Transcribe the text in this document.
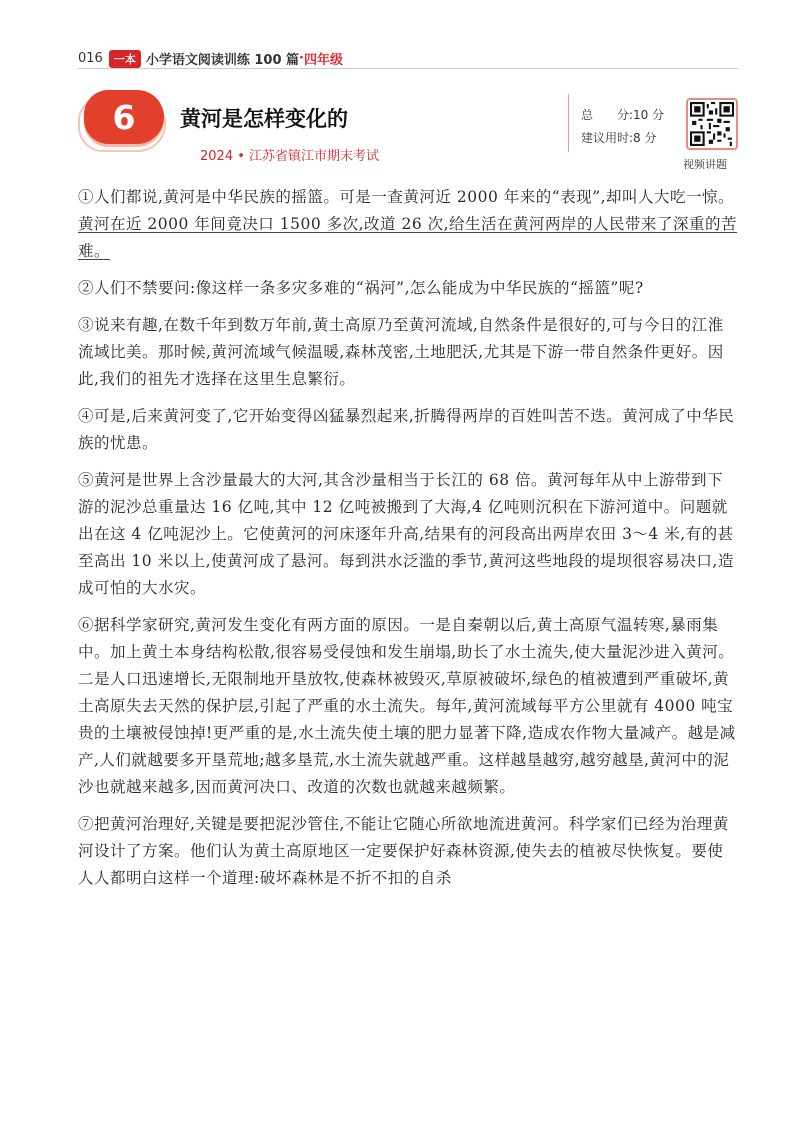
016	一本 小学语文阅读训练 100 篇 · 四年级
6 黄河是怎样变化的
2024 • 江苏省镇江市期末考试
总　　分:10 分
建议用时:8 分
视频讲题

①人们都说,黄河是中华民族的摇篮。可是一查黄河近 2000 年来的“表现”,却叫人大吃一惊。黄河在近 2000 年间竟决口 1500 多次,改道 26 次,给生活在黄河两岸的人民带来了深重的苦难。

②人们不禁要问:像这样一条多灾多难的“祸河”,怎么能成为中华民族的“摇篮”呢?

③说来有趣,在数千年到数万年前,黄土高原乃至黄河流域,自然条件是很好的,可与今日的江淮流域比美。那时候,黄河流域气候温暖,森林茂密,土地肥沃,尤其是下游一带自然条件更好。因此,我们的祖先才选择在这里生息繁衍。

④可是,后来黄河变了,它开始变得凶猛暴烈起来,折腾得两岸的百姓叫苦不迭。黄河成了中华民族的忧患。

⑤黄河是世界上含沙量最大的大河,其含沙量相当于长江的 68 倍。黄河每年从中上游带到下游的泥沙总重量达 16 亿吨,其中 12 亿吨被搬到了大海,4 亿吨则沉积在下游河道中。问题就出在这 4 亿吨泥沙上。它使黄河的河床逐年升高,结果有的河段高出两岸农田 3～4 米,有的甚至高出 10 米以上,使黄河成了悬河。每到洪水泛滥的季节,黄河这些地段的堤坝很容易决口,造成可怕的大水灾。

⑥据科学家研究,黄河发生变化有两方面的原因。一是自秦朝以后,黄土高原气温转寒,暴雨集中。加上黄土本身结构松散,很容易受侵蚀和发生崩塌,助长了水土流失,使大量泥沙进入黄河。二是人口迅速增长,无限制地开垦放牧,使森林被毁灭,草原被破坏,绿色的植被遭到严重破坏,黄土高原失去天然的保护层,引起了严重的水土流失。每年,黄河流域每平方公里就有 4000 吨宝贵的土壤被侵蚀掉!更严重的是,水土流失使土壤的肥力显著下降,造成农作物大量减产。越是减产,人们就越要多开垦荒地;越多垦荒,水土流失就越严重。这样越垦越穷,越穷越垦,黄河中的泥沙也就越来越多,因而黄河决口、改道的次数也就越来越频繁。

⑦把黄河治理好,关键是要把泥沙管住,不能让它随心所欲地流进黄河。科学家们已经为治理黄河设计了方案。他们认为黄土高原地区一定要保护好森林资源,使失去的植被尽快恢复。要使人人都明白这样一个道理:破坏森林是不折不扣的自杀
